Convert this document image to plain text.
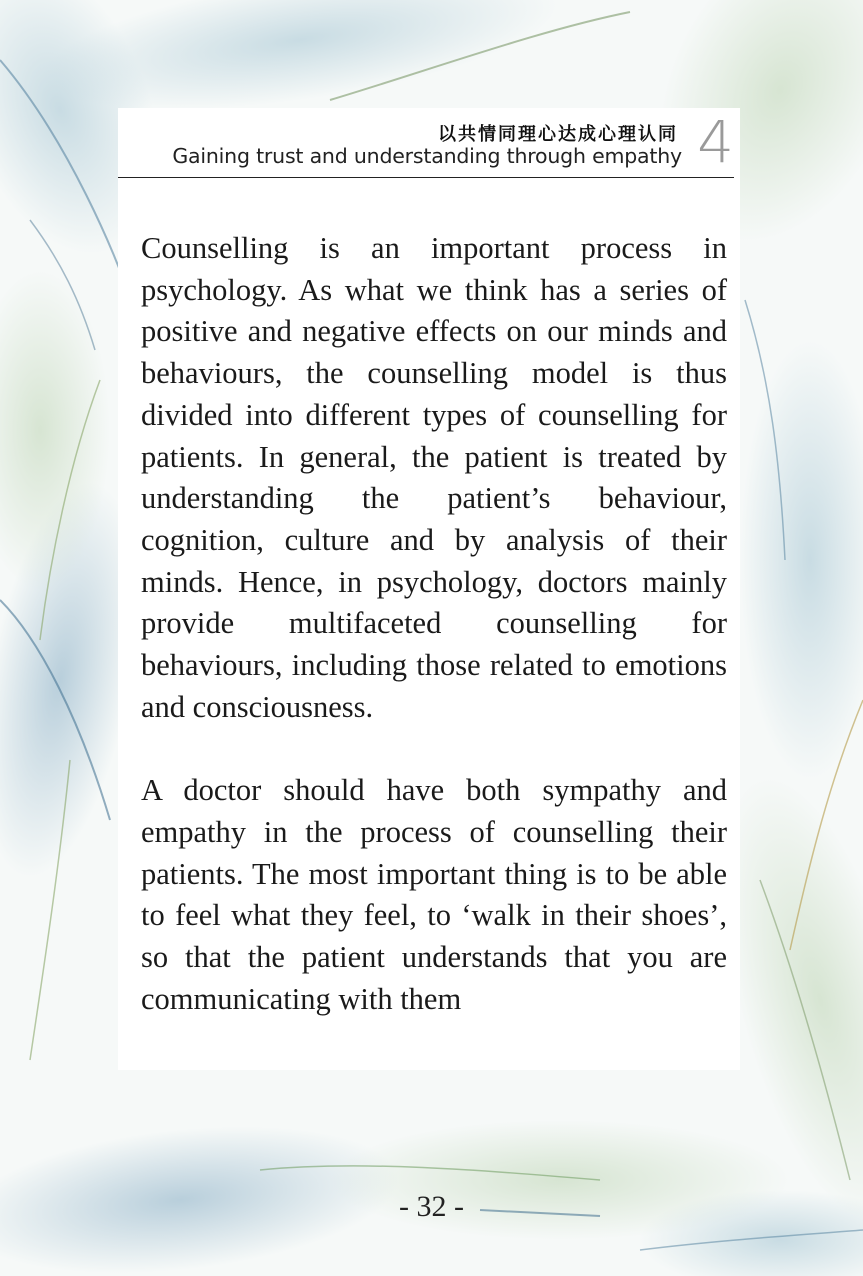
以共情同理心达成心理认同
Gaining trust and understanding through empathy 4

Counselling is an important process in psychology. As what we think has a series of positive and negative effects on our minds and behaviours, the counselling model is thus divided into different types of counselling for patients. In general, the patient is treated by understanding the patient’s behaviour, cognition, culture and by analysis of their minds. Hence, in psychology, doctors mainly provide multifaceted counselling for behaviours, including those related to emotions and consciousness.

A doctor should have both sympathy and empathy in the process of counselling their patients. The most important thing is to be able to feel what they feel, to ‘walk in their shoes’, so that the patient understands that you are communicating with them

- 32 -
